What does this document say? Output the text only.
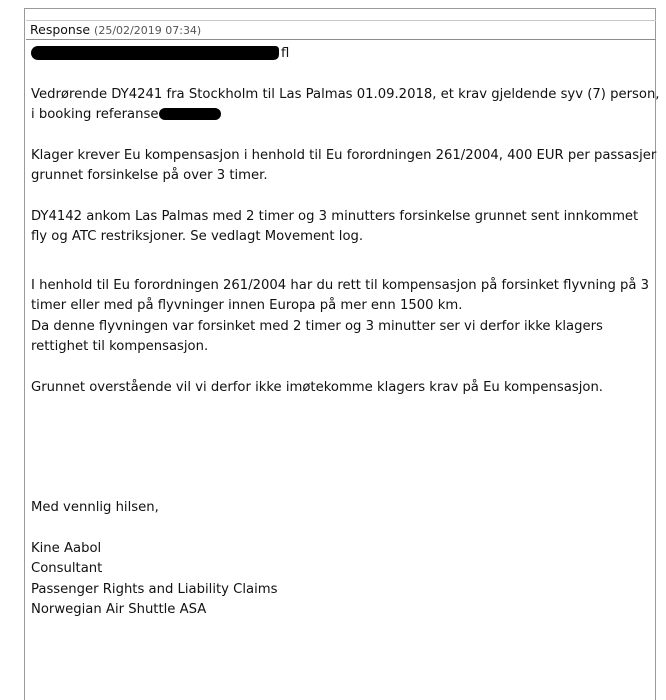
Response (25/02/2019 07:34)
fl
Vedrørende DY4241 fra Stockholm til Las Palmas 01.09.2018, et krav gjeldende syv (7) person,
i booking referanse
Klager krever Eu kompensasjon i henhold til Eu forordningen 261/2004, 400 EUR per passasjer
grunnet forsinkelse på over 3 timer.
DY4142 ankom Las Palmas med 2 timer og 3 minutters forsinkelse grunnet sent innkommet
fly og ATC restriksjoner. Se vedlagt Movement log.
I henhold til Eu forordningen 261/2004 har du rett til kompensasjon på forsinket flyvning på 3
timer eller med på flyvninger innen Europa på mer enn 1500 km.
Da denne flyvningen var forsinket med 2 timer og 3 minutter ser vi derfor ikke klagers
rettighet til kompensasjon.
Grunnet overstående vil vi derfor ikke imøtekomme klagers krav på Eu kompensasjon.
Med vennlig hilsen,
Kine Aabol
Consultant
Passenger Rights and Liability Claims
Norwegian Air Shuttle ASA
